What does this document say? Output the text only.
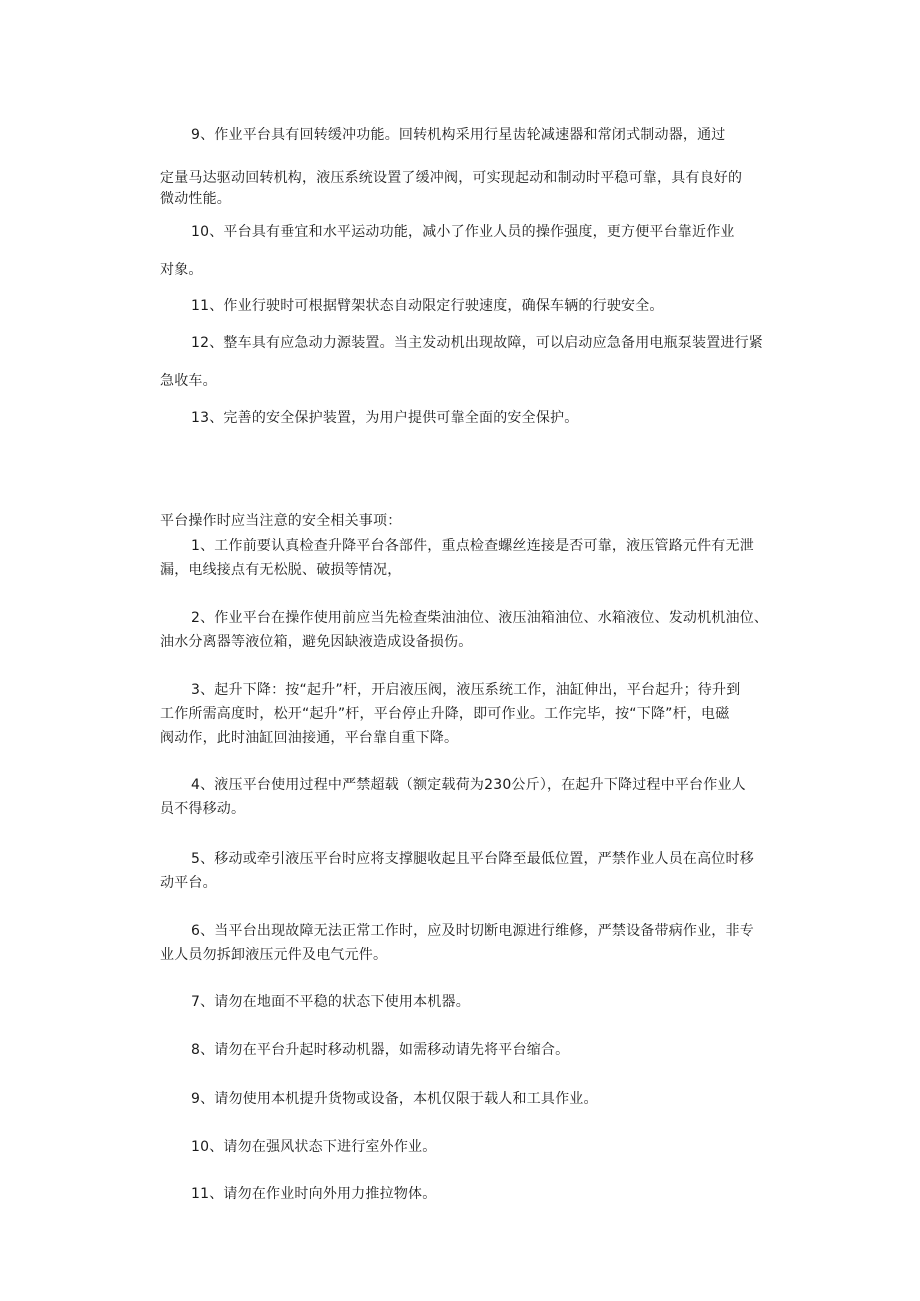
9、作业平台具有回转缓冲功能。回转机构采用行星齿轮减速器和常闭式制动器，通过
定量马达驱动回转机构，液压系统设置了缓冲阀，可实现起动和制动时平稳可靠，具有良好的
微动性能。
10、平台具有垂宜和水平运动功能，减小了作业人员的操作强度，更方便平台靠近作业
对象。
11、作业行驶时可根据臂架状态自动限定行驶速度，确保车辆的行驶安全。
12、整车具有应急动力源装置。当主发动机出现故障，可以启动应急备用电瓶泵装置进行紧
急收车。
13、完善的安全保护装置，为用户提供可靠全面的安全保护。
平台操作时应当注意的安全相关事项：
1、工作前要认真检查升降平台各部件，重点检查螺丝连接是否可靠，液压管路元件有无泄
漏，电线接点有无松脱、破损等情况，
2、作业平台在操作使用前应当先检查柴油油位、液压油箱油位、水箱液位、发动机机油位、
油水分离器等液位箱，避免因缺液造成设备损伤。
3、起升下降：按“起升”杆，开启液压阀，液压系统工作，油缸伸出，平台起升；待升到
工作所需高度时，松开“起升”杆，平台停止升降，即可作业。工作完毕，按“下降”杆，电磁
阀动作，此时油缸回油接通，平台靠自重下降。
4、液压平台使用过程中严禁超载（额定载荷为230公斤），在起升下降过程中平台作业人
员不得移动。
5、移动或牵引液压平台时应将支撑腿收起且平台降至最低位置，严禁作业人员在高位时移
动平台。
6、当平台出现故障无法正常工作时，应及时切断电源进行维修，严禁设备带病作业，非专
业人员勿拆卸液压元件及电气元件。
7、请勿在地面不平稳的状态下使用本机器。
8、请勿在平台升起时移动机器，如需移动请先将平台缩合。
9、请勿使用本机提升货物或设备，本机仅限于载人和工具作业。
10、请勿在强风状态下进行室外作业。
11、请勿在作业时向外用力推拉物体。
